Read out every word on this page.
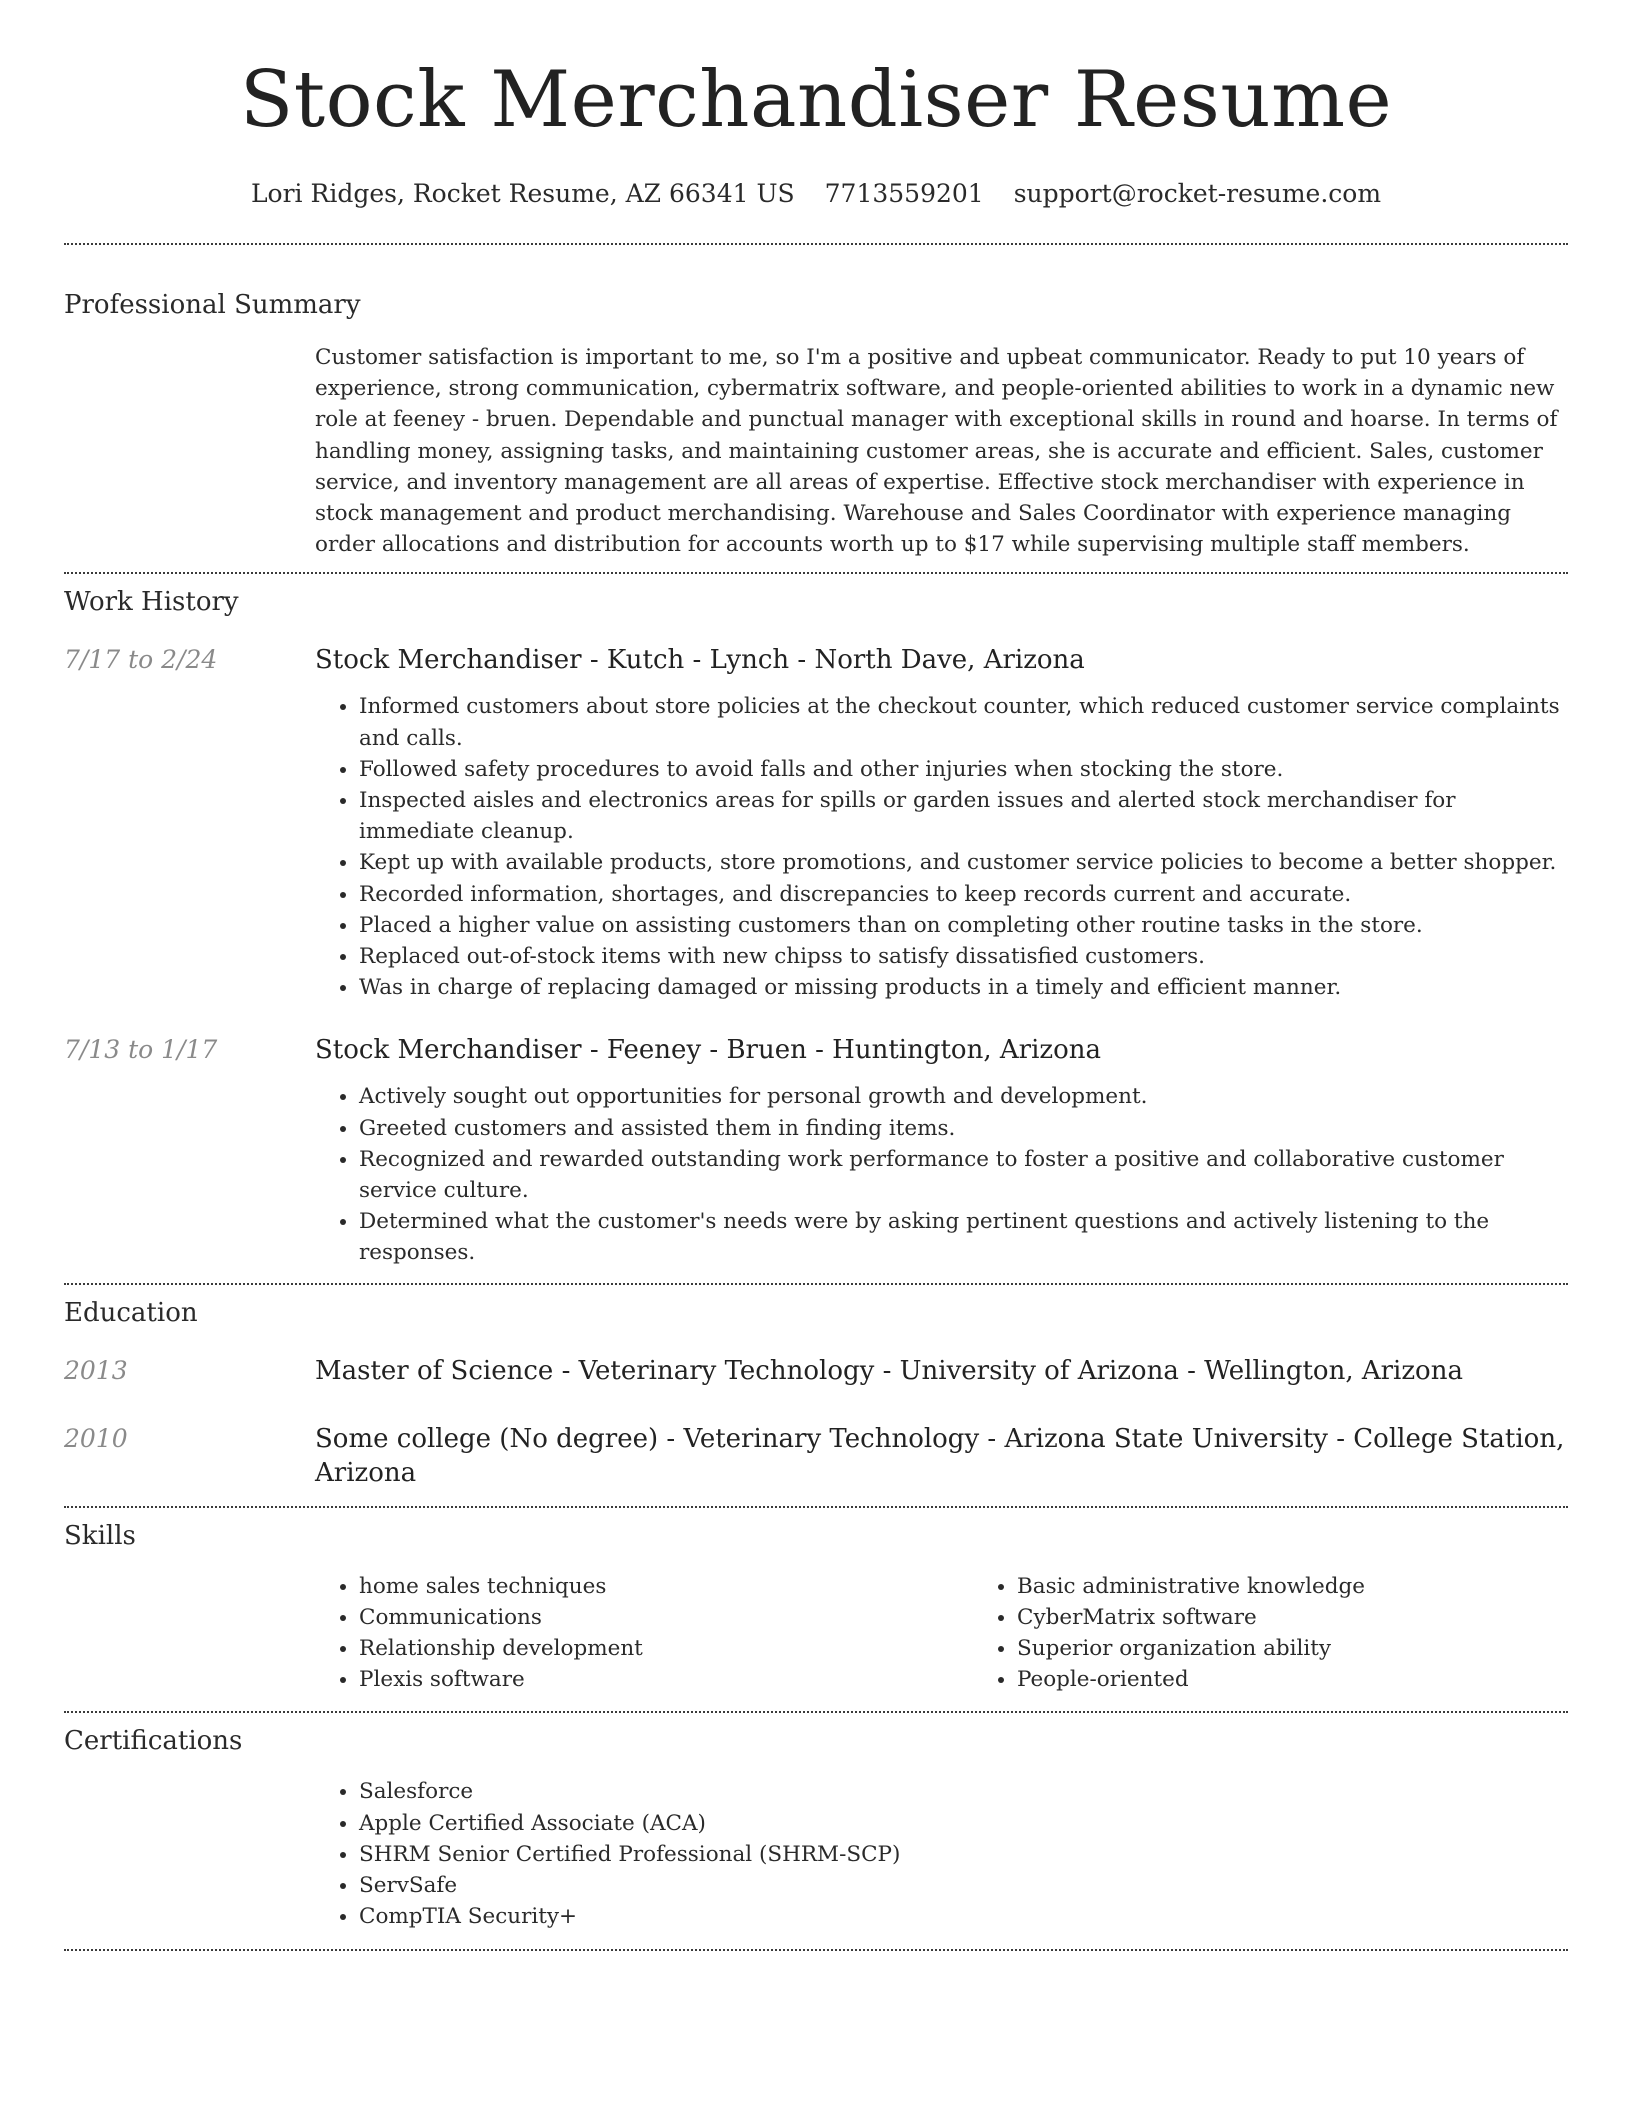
Stock Merchandiser Resume
Lori Ridges, Rocket Resume, AZ 66341 US 7713559201 support@rocket-resume.com
Professional Summary

Customer satisfaction is important to me, so I'm a positive and upbeat communicator. Ready to put 10 years of experience, strong communication, cybermatrix software, and people-oriented abilities to work in a dynamic new role at feeney - bruen. Dependable and punctual manager with exceptional skills in round and hoarse. In terms of handling money, assigning tasks, and maintaining customer areas, she is accurate and efficient. Sales, customer service, and inventory management are all areas of expertise. Effective stock merchandiser with experience in stock management and product merchandising. Warehouse and Sales Coordinator with experience managing order allocations and distribution for accounts worth up to $17 while supervising multiple staff members.

Work History
7/17 to 2/24	Stock Merchandiser - Kutch - Lynch - North Dave, Arizona
• Informed customers about store policies at the checkout counter, which reduced customer service complaints and calls.
• Followed safety procedures to avoid falls and other injuries when stocking the store.
• Inspected aisles and electronics areas for spills or garden issues and alerted stock merchandiser for immediate cleanup.
• Kept up with available products, store promotions, and customer service policies to become a better shopper.
• Recorded information, shortages, and discrepancies to keep records current and accurate.
• Placed a higher value on assisting customers than on completing other routine tasks in the store.
• Replaced out-of-stock items with new chipss to satisfy dissatisfied customers.
• Was in charge of replacing damaged or missing products in a timely and efficient manner.
7/13 to 1/17	Stock Merchandiser - Feeney - Bruen - Huntington, Arizona
• Actively sought out opportunities for personal growth and development.
• Greeted customers and assisted them in finding items.
• Recognized and rewarded outstanding work performance to foster a positive and collaborative customer service culture.
• Determined what the customer's needs were by asking pertinent questions and actively listening to the responses.
Education
2013	Master of Science - Veterinary Technology - University of Arizona - Wellington, Arizona
2010	Some college (No degree) - Veterinary Technology - Arizona State University - College Station, Arizona
Skills
• home sales techniques
• Communications
• Relationship development
• Plexis software
• Basic administrative knowledge
• CyberMatrix software
• Superior organization ability
• People-oriented
Certifications
• Salesforce
• Apple Certified Associate (ACA)
• SHRM Senior Certified Professional (SHRM-SCP)
• ServSafe
• CompTIA Security+
